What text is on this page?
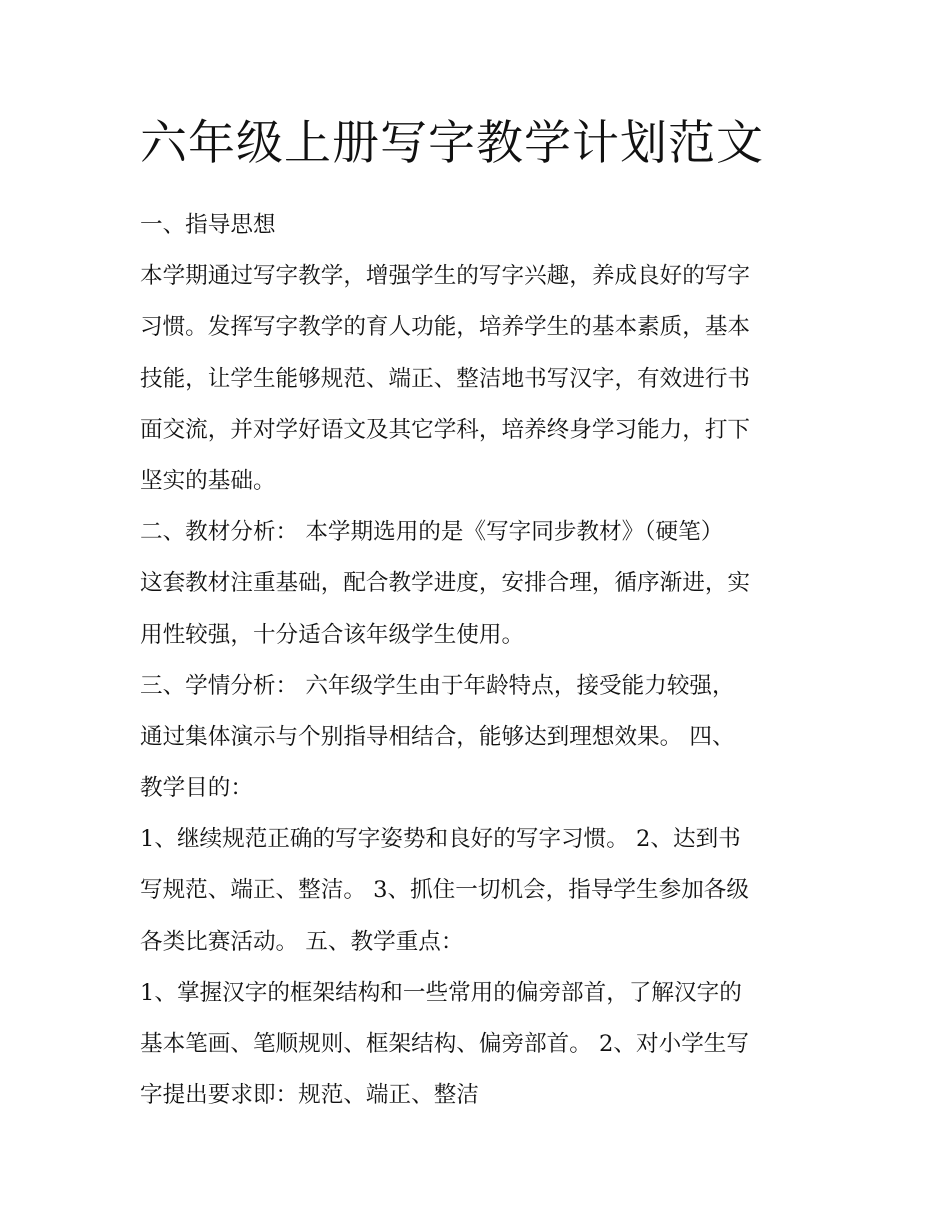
六年级上册写字教学计划范文
一、指导思想
本学期通过写字教学，增强学生的写字兴趣，养成良好的写字
习惯。发挥写字教学的育人功能，培养学生的基本素质，基本
技能，让学生能够规范、端正、整洁地书写汉字，有效进行书
面交流，并对学好语文及其它学科，培养终身学习能力，打下
坚实的基础。
二、教材分析： 本学期选用的是《写字同步教材》（硬笔）
这套教材注重基础，配合教学进度，安排合理，循序渐进，实
用性较强，十分适合该年级学生使用。
三、学情分析： 六年级学生由于年龄特点，接受能力较强，
通过集体演示与个别指导相结合，能够达到理想效果。 四、
教学目的：
1、继续规范正确的写字姿势和良好的写字习惯。 2、达到书
写规范、端正、整洁。 3、抓住一切机会，指导学生参加各级
各类比赛活动。 五、教学重点：
1、掌握汉字的框架结构和一些常用的偏旁部首，了解汉字的
基本笔画、笔顺规则、框架结构、偏旁部首。 2、对小学生写
字提出要求即：规范、端正、整洁
